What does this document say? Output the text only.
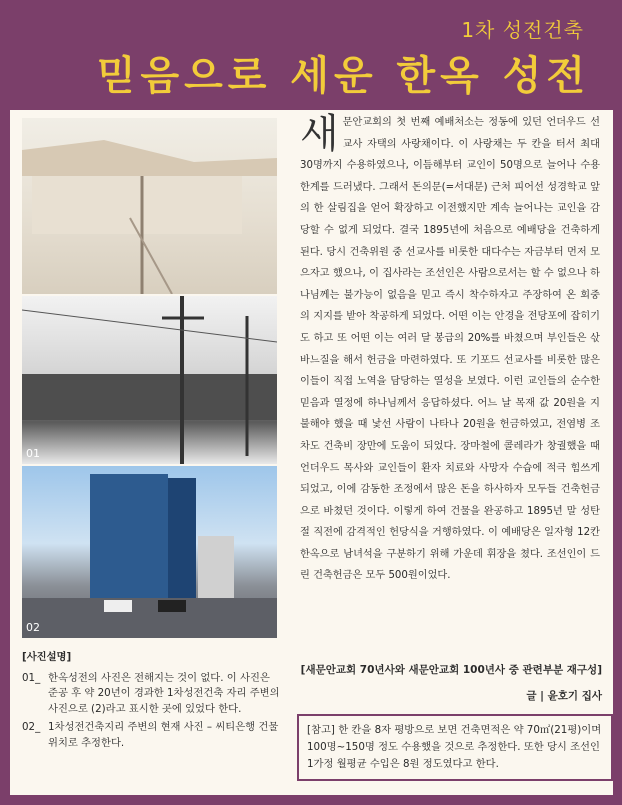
1차 성전건축
믿음으로 세운 한옥 성전
01
02
[사진설명]
01_ 한옥성전의 사진은 전해지는 것이 없다. 이 사진은 준공 후 약 20년이 경과한 1차성전건축 자리 주변의 사진으로 (2)라고 표시한 곳에 있었다 한다.
02_ 1차성전건축지리 주변의 현재 사진 – 씨티은행 건물 위치로 추정한다.
새 문안교회의 첫 번째 예배처소는 정동에 있던 언더우드 선교사 자택의 사랑채이다. 이 사랑채는 두 칸을 터서 최대 30명까지 수용하였으나, 이듬해부터 교인이 50명으로 늘어나 수용한계를 드러냈다. 그래서 돈의문(=서대문) 근처 피어선 성경학교 앞의 한 살림집을 얻어 확장하고 이전했지만 계속 늘어나는 교인을 감당할 수 없게 되었다. 결국 1895년에 처음으로 예배당을 건축하게 된다. 당시 건축위원 중 선교사를 비롯한 대다수는 자금부터 먼저 모으자고 했으나, 이 집사라는 조선인은 사람으로서는 할 수 없으나 하나님께는 불가능이 없음을 믿고 즉시 착수하자고 주장하여 온 회중의 지지를 받아 착공하게 되었다. 어떤 이는 안경을 전당포에 잡히기도 하고 또 어떤 이는 여러 달 봉급의 20%를 바쳤으며 부인들은 삯바느질을 해서 헌금을 마련하였다. 또 기포드 선교사를 비롯한 많은 이들이 직접 노역을 담당하는 열성을 보였다. 이런 교인들의 순수한 믿음과 열정에 하나님께서 응답하셨다. 어느 날 목재 값 20원을 지불해야 했을 때 낯선 사람이 나타나 20원을 헌금하였고, 전염병 조차도 건축비 장만에 도움이 되었다. 장마철에 콜레라가 창궐했을 때 언더우드 목사와 교인들이 환자 치료와 사망자 수습에 적극 힘쓰게 되었고, 이에 감동한 조정에서 많은 돈을 하사하자 모두들 건축헌금으로 바쳤던 것이다. 이렇게 하여 건물을 완공하고 1895년 말 성탄절 직전에 감격적인 헌당식을 거행하였다. 이 예배당은 일자형 12칸 한옥으로 남녀석을 구분하기 위해 가운데 휘장을 쳤다. 조선인이 드린 건축헌금은 모두 500원이었다.
[새문안교회 70년사와 새문안교회 100년사 중 관련부분 재구성]
글 | 윤호기 집사
[참고] 한 칸을 8자 평방으로 보면 건축면적은 약 70㎡(21평)이며 100명~150명 정도 수용했을 것으로 추정한다. 또한 당시 조선인 1가정 월평균 수입은 8원 정도였다고 한다.
